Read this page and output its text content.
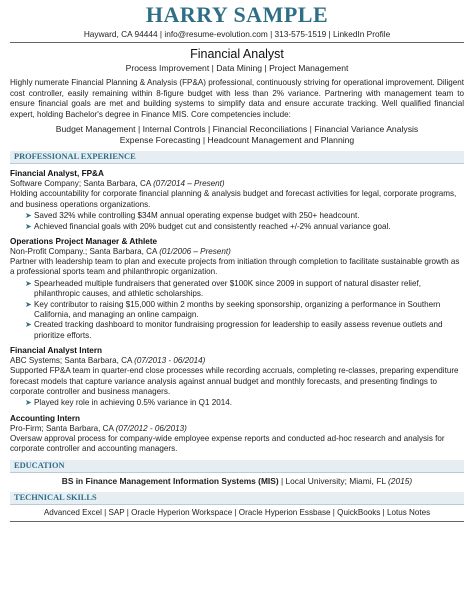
HARRY SAMPLE
Hayward, CA 94444 | info@resume-evolution.com | 313-575-1519 | LinkedIn Profile
Financial Analyst
Process Improvement | Data Mining | Project Management
Highly numerate Financial Planning & Analysis (FP&A) professional, continuously striving for operational improvement. Diligent cost controller, easily remaining within 8-figure budget with less than 2% variance. Partnering with management team to ensure financial goals are met and building systems to simplify data and ensure accurate tracking. Well qualified financial expert, holding Bachelor's degree in Finance MIS. Core competencies include:
Budget Management | Internal Controls | Financial Reconciliations | Financial Variance Analysis
Expense Forecasting | Headcount Management and Planning
PROFESSIONAL EXPERIENCE
Financial Analyst, FP&A
Software Company; Santa Barbara, CA (07/2014 – Present)
Holding accountability for corporate financial planning & analysis budget and forecast activities for legal, corporate programs, and business operations organizations.
➤ Saved 32% while controlling $34M annual operating expense budget with 250+ headcount.
➤ Achieved financial goals with 20% budget cut and consistently reached +/-2% annual variance goal.
Operations Project Manager & Athlete
Non-Profit Company.; Santa Barbara, CA (01/2006 – Present)
Partner with leadership team to plan and execute projects from initiation through completion to facilitate sustainable growth as a professional sports team and philanthropic organization.
➤ Spearheaded multiple fundraisers that generated over $100K since 2009 in support of natural disaster relief, philanthropic causes, and athletic scholarships.
➤ Key contributor to raising $15,000 within 2 months by seeking sponsorship, organizing a performance in Southern California, and managing an online campaign.
➤ Created tracking dashboard to monitor fundraising progression for leadership to easily assess revenue outlets and prioritize efforts.
Financial Analyst Intern
ABC Systems; Santa Barbara, CA (07/2013 - 06/2014)
Supported FP&A team in quarter-end close processes while recording accruals, completing re-classes, preparing expenditure forecast models that capture variance analysis against annual budget and monthly forecasts, and presenting findings to corporate controller and business managers.
➤ Played key role in achieving 0.5% variance in Q1 2014.
Accounting Intern
Pro-Firm; Santa Barbara, CA (07/2012 - 06/2013)
Oversaw approval process for company-wide employee expense reports and conducted ad-hoc research and analysis for corporate controller and accounting managers.
EDUCATION
BS in Finance Management Information Systems (MIS) | Local University; Miami, FL (2015)
TECHNICAL SKILLS
Advanced Excel | SAP | Oracle Hyperion Workspace | Oracle Hyperion Essbase | QuickBooks | Lotus Notes
